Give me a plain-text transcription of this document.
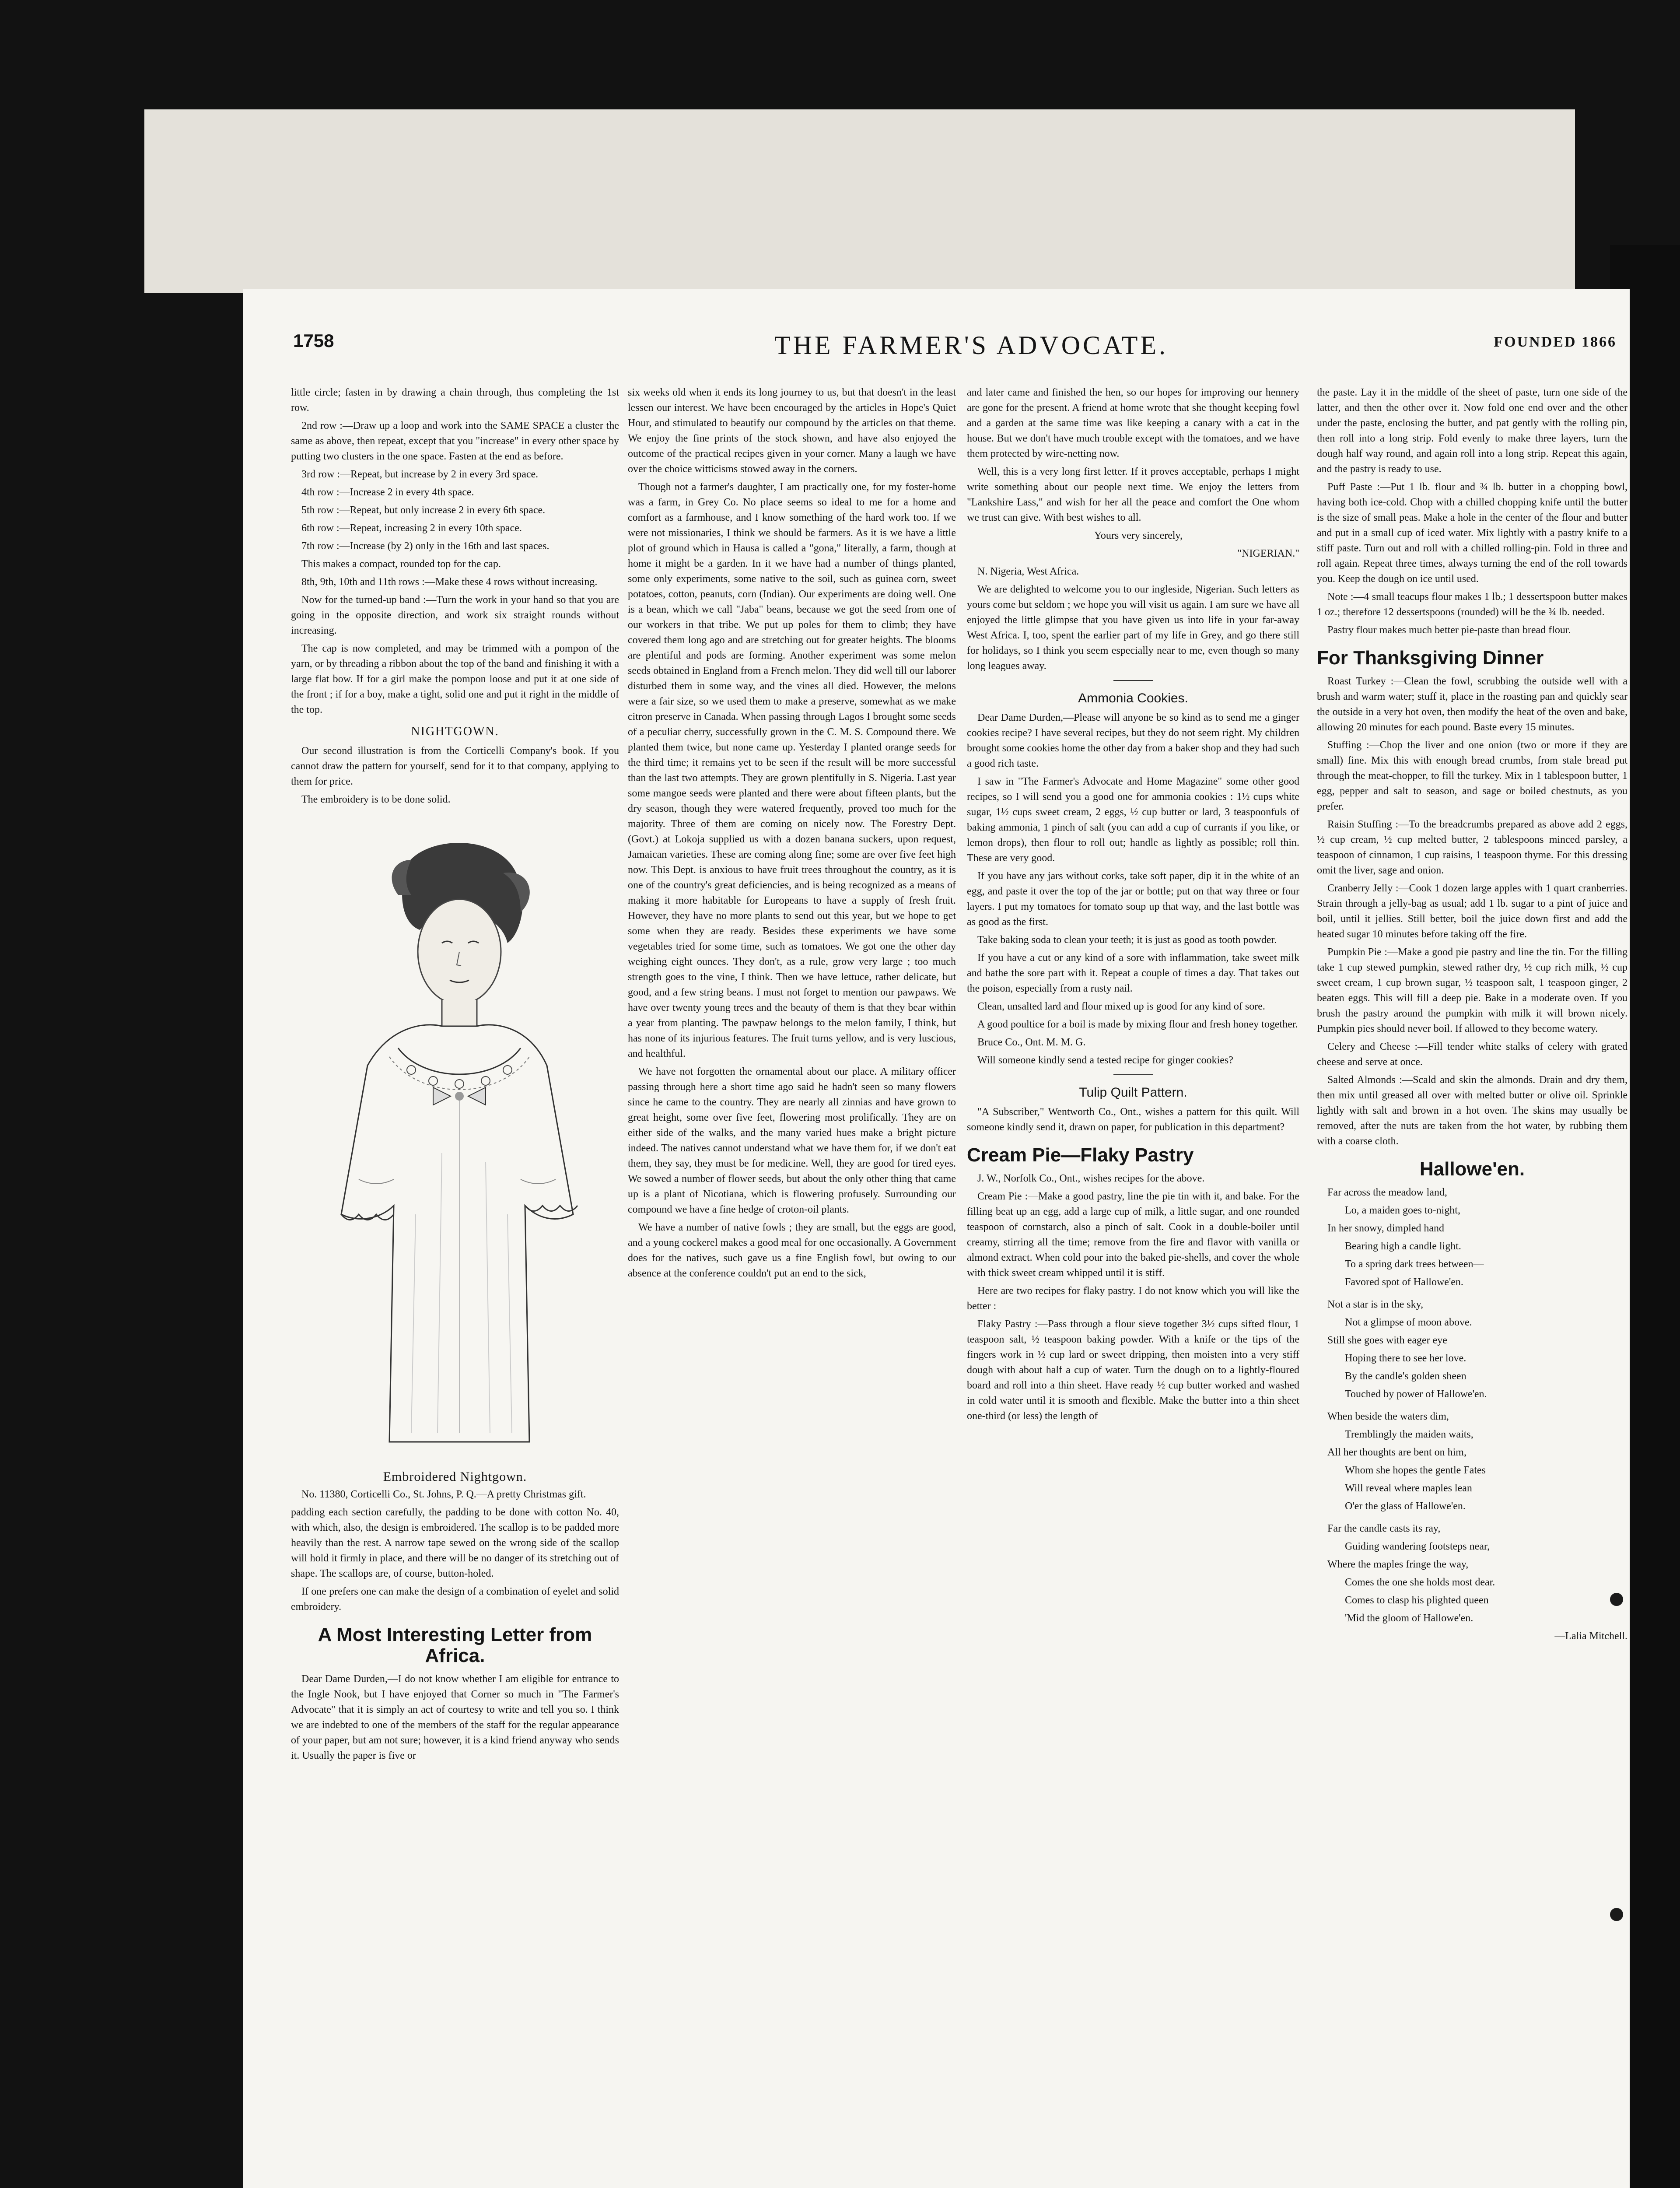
1758	THE FARMER'S ADVOCATE.	FOUNDED 1866

little circle; fasten in by drawing a chain through, thus completing the 1st row.

2nd row :—Draw up a loop and work into the SAME SPACE a cluster the same as above, then repeat, except that you "increase" in every other space by putting two clusters in the one space. Fasten at the end as before.

3rd row :—Repeat, but increase by 2 in every 3rd space.

4th row :—Increase 2 in every 4th space.

5th row :—Repeat, but only increase 2 in every 6th space.

6th row :—Repeat, increasing 2 in every 10th space.

7th row :—Increase (by 2) only in the 16th and last spaces.

This makes a compact, rounded top for the cap.

8th, 9th, 10th and 11th rows :—Make these 4 rows without increasing.

Now for the turned-up band :—Turn the work in your hand so that you are going in the opposite direction, and work six straight rounds without increasing.

The cap is now completed, and may be trimmed with a pompon of the yarn, or by threading a ribbon about the top of the band and finishing it with a large flat bow. If for a girl make the pompon loose and put it at one side of the front ; if for a boy, make a tight, solid one and put it right in the middle of the top.

NIGHTGOWN.

Our second illustration is from the Corticelli Company's book. If you cannot draw the pattern for yourself, send for it to that company, applying to them for price.

The embroidery is to be done solid.

Embroidered Nightgown.

No. 11380, Corticelli Co., St. Johns, P. Q.—A pretty Christmas gift.

padding each section carefully, the padding to be done with cotton No. 40, with which, also, the design is embroidered. The scallop is to be padded more heavily than the rest. A narrow tape sewed on the wrong side of the scallop will hold it firmly in place, and there will be no danger of its stretching out of shape. The scallops are, of course, button-holed.

If one prefers one can make the design of a combination of eyelet and solid embroidery.

A Most Interesting Letter from Africa.

Dear Dame Durden,—I do not know whether I am eligible for entrance to the Ingle Nook, but I have enjoyed that Corner so much in "The Farmer's Advocate" that it is simply an act of courtesy to write and tell you so. I think we are indebted to one of the members of the staff for the regular appearance of your paper, but am not sure; however, it is a kind friend anyway who sends it. Usually the paper is five or

six weeks old when it ends its long journey to us, but that doesn't in the least lessen our interest. We have been encouraged by the articles in Hope's Quiet Hour, and stimulated to beautify our compound by the articles on that theme. We enjoy the fine prints of the stock shown, and have also enjoyed the outcome of the practical recipes given in your corner. Many a laugh we have over the choice witticisms stowed away in the corners.

Though not a farmer's daughter, I am practically one, for my foster-home was a farm, in Grey Co. No place seems so ideal to me for a home and comfort as a farmhouse, and I know something of the hard work too. If we were not missionaries, I think we should be farmers. As it is we have a little plot of ground which in Hausa is called a "gona," literally, a farm, though at home it might be a garden. In it we have had a number of things planted, some only experiments, some native to the soil, such as guinea corn, sweet potatoes, cotton, peanuts, corn (Indian). Our experiments are doing well. One is a bean, which we call "Jaba" beans, because we got the seed from one of our workers in that tribe. We put up poles for them to climb; they have covered them long ago and are stretching out for greater heights. The blooms are plentiful and pods are forming. Another experiment was some melon seeds obtained in England from a French melon. They did well till our laborer disturbed them in some way, and the vines all died. However, the melons were a fair size, so we used them to make a preserve, somewhat as we make citron preserve in Canada. When passing through Lagos I brought some seeds of a peculiar cherry, successfully grown in the C. M. S. Compound there. We planted them twice, but none came up. Yesterday I planted orange seeds for the third time; it remains yet to be seen if the result will be more successful than the last two attempts. They are grown plentifully in S. Nigeria. Last year some mangoe seeds were planted and there were about fifteen plants, but the dry season, though they were watered frequently, proved too much for the majority. Three of them are coming on nicely now. The Forestry Dept. (Govt.) at Lokoja supplied us with a dozen banana suckers, upon request, Jamaican varieties. These are coming along fine; some are over five feet high now. This Dept. is anxious to have fruit trees throughout the country, as it is one of the country's great deficiencies, and is being recognized as a means of making it more habitable for Europeans to have a supply of fresh fruit. However, they have no more plants to send out this year, but we hope to get some when they are ready. Besides these experiments we have some vegetables tried for some time, such as tomatoes. We got one the other day weighing eight ounces. They don't, as a rule, grow very large ; too much strength goes to the vine, I think. Then we have lettuce, rather delicate, but good, and a few string beans. I must not forget to mention our pawpaws. We have over twenty young trees and the beauty of them is that they bear within a year from planting. The pawpaw belongs to the melon family, I think, but has none of its injurious features. The fruit turns yellow, and is very luscious, and healthful.

We have not forgotten the ornamental about our place. A military officer passing through here a short time ago said he hadn't seen so many flowers since he came to the country. They are nearly all zinnias and have grown to great height, some over five feet, flowering most prolifically. They are on either side of the walks, and the many varied hues make a bright picture indeed. The natives cannot understand what we have them for, if we don't eat them, they say, they must be for medicine. Well, they are good for tired eyes. We sowed a number of flower seeds, but about the only other thing that came up is a plant of Nicotiana, which is flowering profusely. Surrounding our compound we have a fine hedge of croton-oil plants.

We have a number of native fowls ; they are small, but the eggs are good, and a young cockerel makes a good meal for one occasionally. A Government does for the natives, such gave us a fine English fowl, but owing to our absence at the conference couldn't put an end to the sick,

and later came and finished the hen, so our hopes for improving our hennery are gone for the present. A friend at home wrote that she thought keeping fowl and a garden at the same time was like keeping a canary with a cat in the house. But we don't have much trouble except with the tomatoes, and we have them protected by wire-netting now.

Well, this is a very long first letter. If it proves acceptable, perhaps I might write something about our people next time. We enjoy the letters from "Lankshire Lass," and wish for her all the peace and comfort the One whom we trust can give. With best wishes to all.

Yours very sincerely,

"NIGERIAN."

N. Nigeria, West Africa.

We are delighted to welcome you to our ingleside, Nigerian. Such letters as yours come but seldom ; we hope you will visit us again. I am sure we have all enjoyed the little glimpse that you have given us into life in your far-away West Africa. I, too, spent the earlier part of my life in Grey, and go there still for holidays, so I think you seem especially near to me, even though so many long leagues away.

Ammonia Cookies.

Dear Dame Durden,—Please will anyone be so kind as to send me a ginger cookies recipe? I have several recipes, but they do not seem right. My children brought some cookies home the other day from a baker shop and they had such a good rich taste.

I saw in "The Farmer's Advocate and Home Magazine" some other good recipes, so I will send you a good one for ammonia cookies : 1½ cups white sugar, 1½ cups sweet cream, 2 eggs, ½ cup butter or lard, 3 teaspoonfuls of baking ammonia, 1 pinch of salt (you can add a cup of currants if you like, or lemon drops), then flour to roll out; handle as lightly as possible; roll thin. These are very good.

If you have any jars without corks, take soft paper, dip it in the white of an egg, and paste it over the top of the jar or bottle; put on that way three or four layers. I put my tomatoes for tomato soup up that way, and the last bottle was as good as the first.

Take baking soda to clean your teeth; it is just as good as tooth powder.

If you have a cut or any kind of a sore with inflammation, take sweet milk and bathe the sore part with it. Repeat a couple of times a day. That takes out the poison, especially from a rusty nail.

Clean, unsalted lard and flour mixed up is good for any kind of sore.

A good poultice for a boil is made by mixing flour and fresh honey together.

Bruce Co., Ont. M. M. G.

Will someone kindly send a tested recipe for ginger cookies?

Tulip Quilt Pattern.

"A Subscriber," Wentworth Co., Ont., wishes a pattern for this quilt. Will someone kindly send it, drawn on paper, for publication in this department?

Cream Pie—Flaky Pastry

J. W., Norfolk Co., Ont., wishes recipes for the above.

Cream Pie :—Make a good pastry, line the pie tin with it, and bake. For the filling beat up an egg, add a large cup of milk, a little sugar, and one rounded teaspoon of cornstarch, also a pinch of salt. Cook in a double-boiler until creamy, stirring all the time; remove from the fire and flavor with vanilla or almond extract. When cold pour into the baked pie-shells, and cover the whole with thick sweet cream whipped until it is stiff.

Here are two recipes for flaky pastry. I do not know which you will like the better :

Flaky Pastry :—Pass through a flour sieve together 3½ cups sifted flour, 1 teaspoon salt, ½ teaspoon baking powder. With a knife or the tips of the fingers work in ½ cup lard or sweet dripping, then moisten into a very stiff dough with about half a cup of water. Turn the dough on to a lightly-floured board and roll into a thin sheet. Have ready ½ cup butter worked and washed in cold water until it is smooth and flexible. Make the butter into a thin sheet one-third (or less) the length of

the paste. Lay it in the middle of the sheet of paste, turn one side of the latter, and then the other over it. Now fold one end over and the other under the paste, enclosing the butter, and pat gently with the rolling pin, then roll into a long strip. Fold evenly to make three layers, turn the dough half way round, and again roll into a long strip. Repeat this again, and the pastry is ready to use.

Puff Paste :—Put 1 lb. flour and ¾ lb. butter in a chopping bowl, having both ice-cold. Chop with a chilled chopping knife until the butter is the size of small peas. Make a hole in the center of the flour and butter and put in a small cup of iced water. Mix lightly with a pastry knife to a stiff paste. Turn out and roll with a chilled rolling-pin. Fold in three and roll again. Repeat three times, always turning the end of the roll towards you. Keep the dough on ice until used.

Note :—4 small teacups flour makes 1 lb.; 1 dessertspoon butter makes 1 oz.; therefore 12 dessertspoons (rounded) will be the ¾ lb. needed.

Pastry flour makes much better pie-paste than bread flour.

For Thanksgiving Dinner

Roast Turkey :—Clean the fowl, scrubbing the outside well with a brush and warm water; stuff it, place in the roasting pan and quickly sear the outside in a very hot oven, then modify the heat of the oven and bake, allowing 20 minutes for each pound. Baste every 15 minutes.

Stuffing :—Chop the liver and one onion (two or more if they are small) fine. Mix this with enough bread crumbs, from stale bread put through the meat-chopper, to fill the turkey. Mix in 1 tablespoon butter, 1 egg, pepper and salt to season, and sage or boiled chestnuts, as you prefer.

Raisin Stuffing :—To the breadcrumbs prepared as above add 2 eggs, ½ cup cream, ½ cup melted butter, 2 tablespoons minced parsley, a teaspoon of cinnamon, 1 cup raisins, 1 teaspoon thyme. For this dressing omit the liver, sage and onion.

Cranberry Jelly :—Cook 1 dozen large apples with 1 quart cranberries. Strain through a jelly-bag as usual; add 1 lb. sugar to a pint of juice and boil, until it jellies. Still better, boil the juice down first and add the heated sugar 10 minutes before taking off the fire.

Pumpkin Pie :—Make a good pie pastry and line the tin. For the filling take 1 cup stewed pumpkin, stewed rather dry, ½ cup rich milk, ½ cup sweet cream, 1 cup brown sugar, ½ teaspoon salt, 1 teaspoon ginger, 2 beaten eggs. This will fill a deep pie. Bake in a moderate oven. If you brush the pastry around the pumpkin with milk it will brown nicely. Pumpkin pies should never boil. If allowed to they become watery.

Celery and Cheese :—Fill tender white stalks of celery with grated cheese and serve at once.

Salted Almonds :—Scald and skin the almonds. Drain and dry them, then mix until greased all over with melted butter or olive oil. Sprinkle lightly with salt and brown in a hot oven. The skins may usually be removed, after the nuts are taken from the hot water, by rubbing them with a coarse cloth.

Hallowe'en.

Far across the meadow land,

Lo, a maiden goes to-night,

In her snowy, dimpled hand

Bearing high a candle light.

To a spring dark trees between—

Favored spot of Hallowe'en.

Not a star is in the sky,

Not a glimpse of moon above.

Still she goes with eager eye

Hoping there to see her love.

By the candle's golden sheen

Touched by power of Hallowe'en.

When beside the waters dim,

Tremblingly the maiden waits,

All her thoughts are bent on him,

Whom she hopes the gentle Fates

Will reveal where maples lean

O'er the glass of Hallowe'en.

Far the candle casts its ray,

Guiding wandering footsteps near,

Where the maples fringe the way,

Comes the one she holds most dear.

Comes to clasp his plighted queen

'Mid the gloom of Hallowe'en.

—Lalia Mitchell.
